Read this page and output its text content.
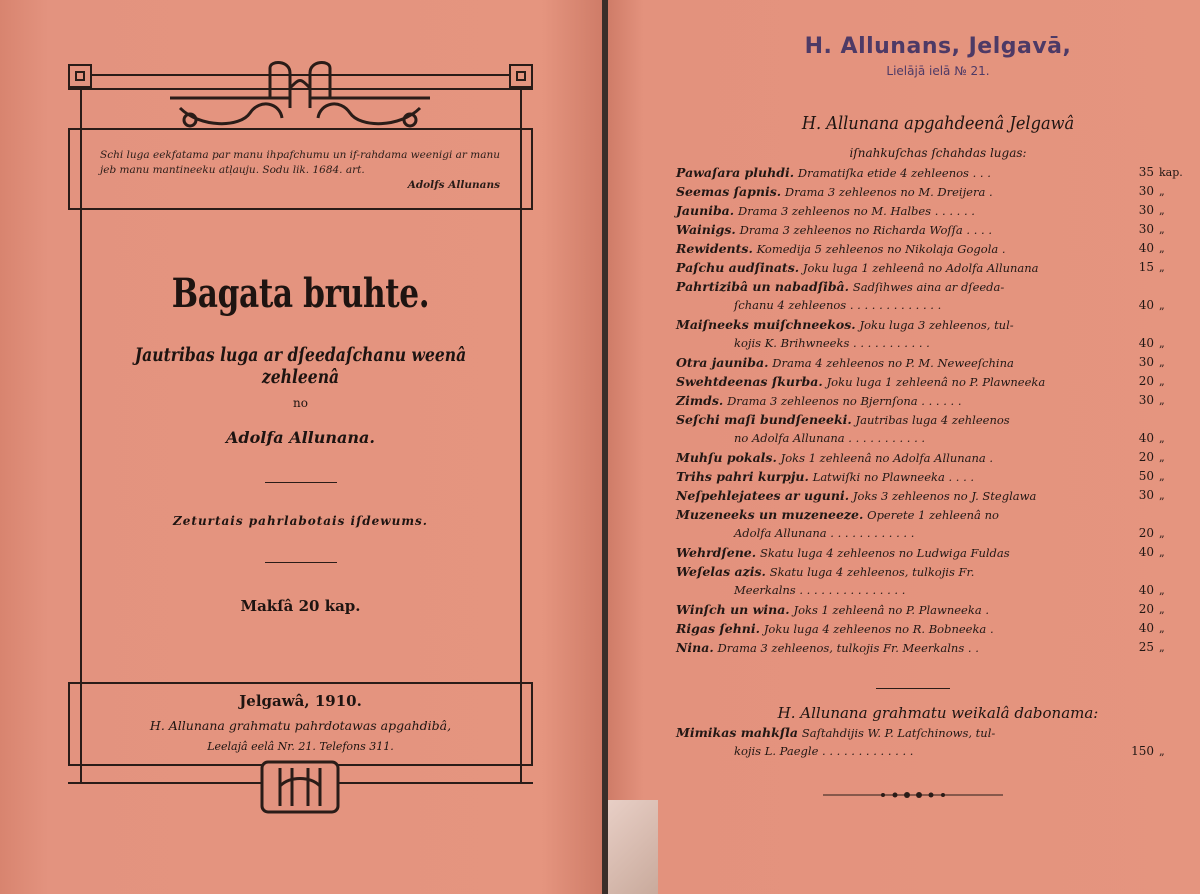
Schi luga eekfatama par manu ihpafchumu un if-rahdama weenigi ar manu jeb manu mantineeku atļauju. Sodu lik. 1684. art.
Adolfs Allunans
Bagata bruhte.
Jautribas luga ar dſeedaſchanu weenâ zehleenâ
no
Adolfa Allunana.
Zeturtais pahrlabotais iſdewums.
Makſâ 20 kap.
Jelgawâ, 1910.
H. Allunana grahmatu pahrdotawas apgahdibâ,
Leelajâ eelâ Nr. 21. Telefons 311.
H. Allunans, Jelgavā,
Lielājā ielā № 21.
H. Allunana apgahdeenâ Jelgawâ
iſnahkuſchas ſchahdas lugas:
Pawaſara pluhdi. Dramatiſka etide 4 zehleenos . . .	35 kap.
Seemas ſapnis. Drama 3 zehleenos no M. Dreijera .	30 „
Jauniba. Drama 3 zehleenos no M. Halbes . . . . . .	30 „
Wainigs. Drama 3 zehleenos no Richarda Woſſa . . . .	30 „
Rewidents. Komedija 5 zehleenos no Nikolaja Gogola .	40 „
Paſchu audſinats. Joku luga 1 zehleenâ no Adolfa Allunana	15 „
Pahrtizibâ un nabadſibâ. Sadſihwes aina ar dſeeda-
ſchanu 4 zehleenos . . . . . . . . . . . . .	40 „
Maiſneeks muiſchneekos. Joku luga 3 zehleenos, tul-
kojis K. Brihwneeks . . . . . . . . . . .	40 „
Otra jauniba. Drama 4 zehleenos no P. M. Neweeſchina	30 „
Swehtdeenas ſkurba. Joku luga 1 zehleenâ no P. Plawneeka	20 „
Zimds. Drama 3 zehleenos no Bjernſona . . . . . .	30 „
Seſchi maſi bundſeneeki. Jautribas luga 4 zehleenos
no Adolfa Allunana . . . . . . . . . . .	40 „
Muhſu pokals. Joks 1 zehleenâ no Adolfa Allunana .	20 „
Trihs pahri kurpju. Latwiſki no Plawneeka . . . .	50 „
Neſpehlejatees ar uguni. Joks 3 zehleenos no J. Steglawa	30 „
Muzeneeks un muzeneeze. Operete 1 zehleenâ no
Adolfa Allunana . . . . . . . . . . . .	20 „
Wehrdſene. Skatu luga 4 zehleenos no Ludwiga Fuldas	40 „
Weſelas azis. Skatu luga 4 zehleenos, tulkojis Fr.
Meerkalns . . . . . . . . . . . . . . .	40 „
Winſch un wina. Joks 1 zehleenâ no P. Plawneeka .	20 „
Rigas ſehni. Joku luga 4 zehleenos no R. Bobneeka .	40 „
Nina. Drama 3 zehleenos, tulkojis Fr. Meerkalns . .	25 „
H. Allunana grahmatu weikalâ dabonama:
Mimikas mahkſla Saſtahdijis W. P. Latſchinows, tul-
kojis L. Paegle . . . . . . . . . . . . .	150 „
